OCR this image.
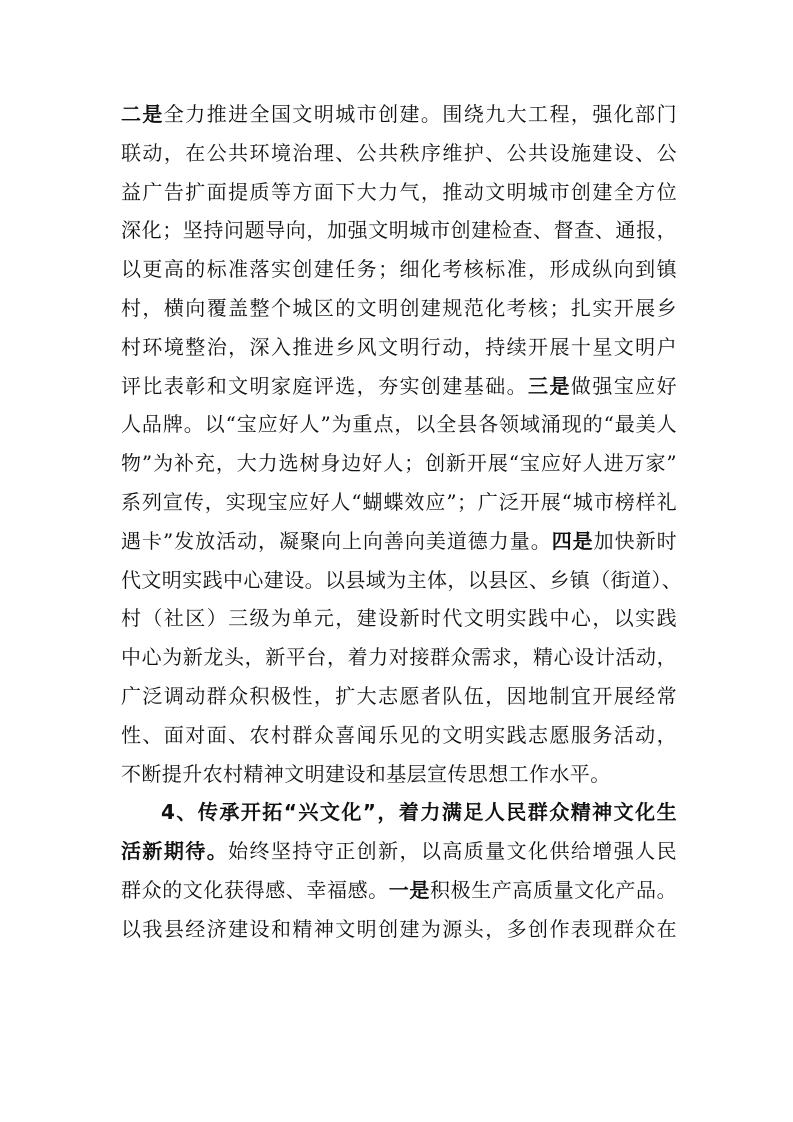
二是全力推进全国文明城市创建。围绕九大工程，强化部门
联动，在公共环境治理、公共秩序维护、公共设施建设、公
益广告扩面提质等方面下大力气，推动文明城市创建全方位
深化；坚持问题导向，加强文明城市创建检查、督查、通报，
以更高的标准落实创建任务；细化考核标准，形成纵向到镇
村，横向覆盖整个城区的文明创建规范化考核；扎实开展乡
村环境整治，深入推进乡风文明行动，持续开展十星文明户
评比表彰和文明家庭评选，夯实创建基础。三是做强宝应好
人品牌。以“宝应好人”为重点，以全县各领域涌现的“最美人
物”为补充，大力选树身边好人；创新开展“宝应好人进万家”
系列宣传，实现宝应好人“蝴蝶效应”；广泛开展“城市榜样礼
遇卡”发放活动，凝聚向上向善向美道德力量。四是加快新时
代文明实践中心建设。以县域为主体，以县区、乡镇（街道）、
村（社区）三级为单元，建设新时代文明实践中心，以实践
中心为新龙头，新平台，着力对接群众需求，精心设计活动，
广泛调动群众积极性，扩大志愿者队伍，因地制宜开展经常
性、面对面、农村群众喜闻乐见的文明实践志愿服务活动，
不断提升农村精神文明建设和基层宣传思想工作水平。
4、传承开拓“兴文化”，着力满足人民群众精神文化生
活新期待。始终坚持守正创新，以高质量文化供给增强人民
群众的文化获得感、幸福感。一是积极生产高质量文化产品。
以我县经济建设和精神文明创建为源头，多创作表现群众在
